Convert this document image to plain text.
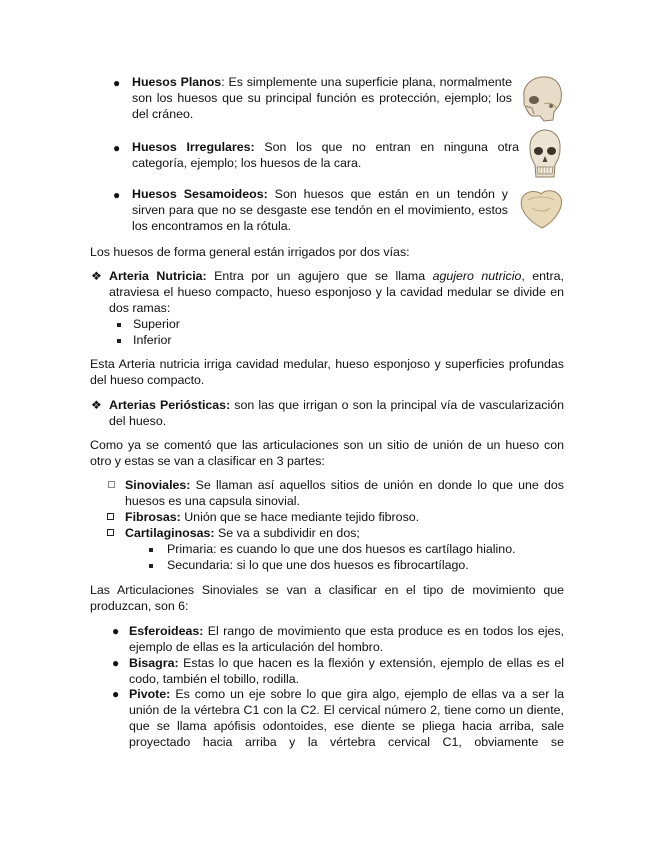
● Huesos Planos: Es simplemente una superficie plana, normalmente son los huesos que su principal función es protección, ejemplo; los del cráneo.
● Huesos Irregulares: Son los que no entran en ninguna otra categoría, ejemplo; los huesos de la cara.
● Huesos Sesamoideos: Son huesos que están en un tendón y sirven para que no se desgaste ese tendón en el movimiento, estos los encontramos en la rótula.
Los huesos de forma general están irrigados por dos vías:
❖ Arteria Nutricia: Entra por un agujero que se llama agujero nutricio, entra, atraviesa el hueso compacto, hueso esponjoso y la cavidad medular se divide en dos ramas:
Superior
Inferior
Esta Arteria nutricia irriga cavidad medular, hueso esponjoso y superficies profundas del hueso compacto.
❖ Arterias Periósticas: son las que irrigan o son la principal vía de vascularización del hueso.
Como ya se comentó que las articulaciones son un sitio de unión de un hueso con otro y estas se van a clasificar en 3 partes:
Sinoviales: Se llaman así aquellos sitios de unión en donde lo que une dos huesos es una capsula sinovial.
Fibrosas: Unión que se hace mediante tejido fibroso.
Cartilaginosas: Se va a subdividir en dos;
Primaria: es cuando lo que une dos huesos es cartílago hialino.
Secundaria: si lo que une dos huesos es fibrocartílago.
Las Articulaciones Sinoviales se van a clasificar en el tipo de movimiento que produzcan, son 6:
● Esferoideas: El rango de movimiento que esta produce es en todos los ejes, ejemplo de ellas es la articulación del hombro.
● Bisagra: Estas lo que hacen es la flexión y extensión, ejemplo de ellas es el codo, también el tobillo, rodilla.
● Pivote: Es como un eje sobre lo que gira algo, ejemplo de ellas va a ser la unión de la vértebra C1 con la C2. El cervical número 2, tiene como un diente, que se llama apófisis odontoides, ese diente se pliega hacia arriba, sale proyectado hacia arriba y la vértebra cervical C1, obviamente se
